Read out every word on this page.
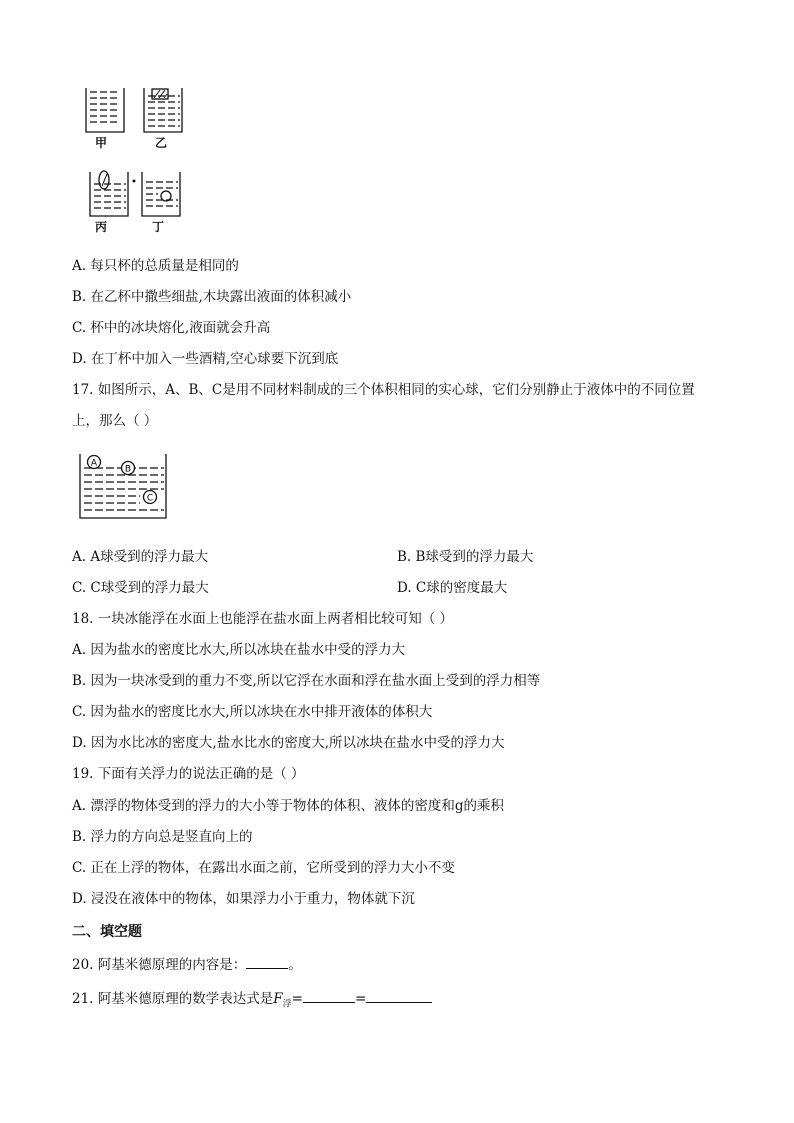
甲	乙
丙	丁
A. 每只杯的总质量是相同的
B. 在乙杯中撒些细盐,木块露出液面的体积减小
C. 杯中的冰块熔化,液面就会升高
D. 在丁杯中加入一些酒精,空心球要下沉到底
17. 如图所示，A、B、C是用不同材料制成的三个体积相同的实心球，它们分别静止于液体中的不同位置
上，那么（ ）
A
B
C
A. A球受到的浮力最大	B. B球受到的浮力最大
C. C球受到的浮力最大	D. C球的密度最大
18. 一块冰能浮在水面上也能浮在盐水面上两者相比较可知（ ）
A. 因为盐水的密度比水大,所以冰块在盐水中受的浮力大
B. 因为一块冰受到的重力不变,所以它浮在水面和浮在盐水面上受到的浮力相等
C. 因为盐水的密度比水大,所以冰块在水中排开液体的体积大
D. 因为水比冰的密度大,盐水比水的密度大,所以冰块在盐水中受的浮力大
19. 下面有关浮力的说法正确的是（ ）
A. 漂浮的物体受到的浮力的大小等于物体的体积、液体的密度和g的乘积
B. 浮力的方向总是竖直向上的
C. 正在上浮的物体，在露出水面之前，它所受到的浮力大小不变
D. 浸没在液体中的物体，如果浮力小于重力，物体就下沉
二、填空题
20. 阿基米德原理的内容是：	。
21. 阿基米德原理的数学表达式是$F_浮=$	=
